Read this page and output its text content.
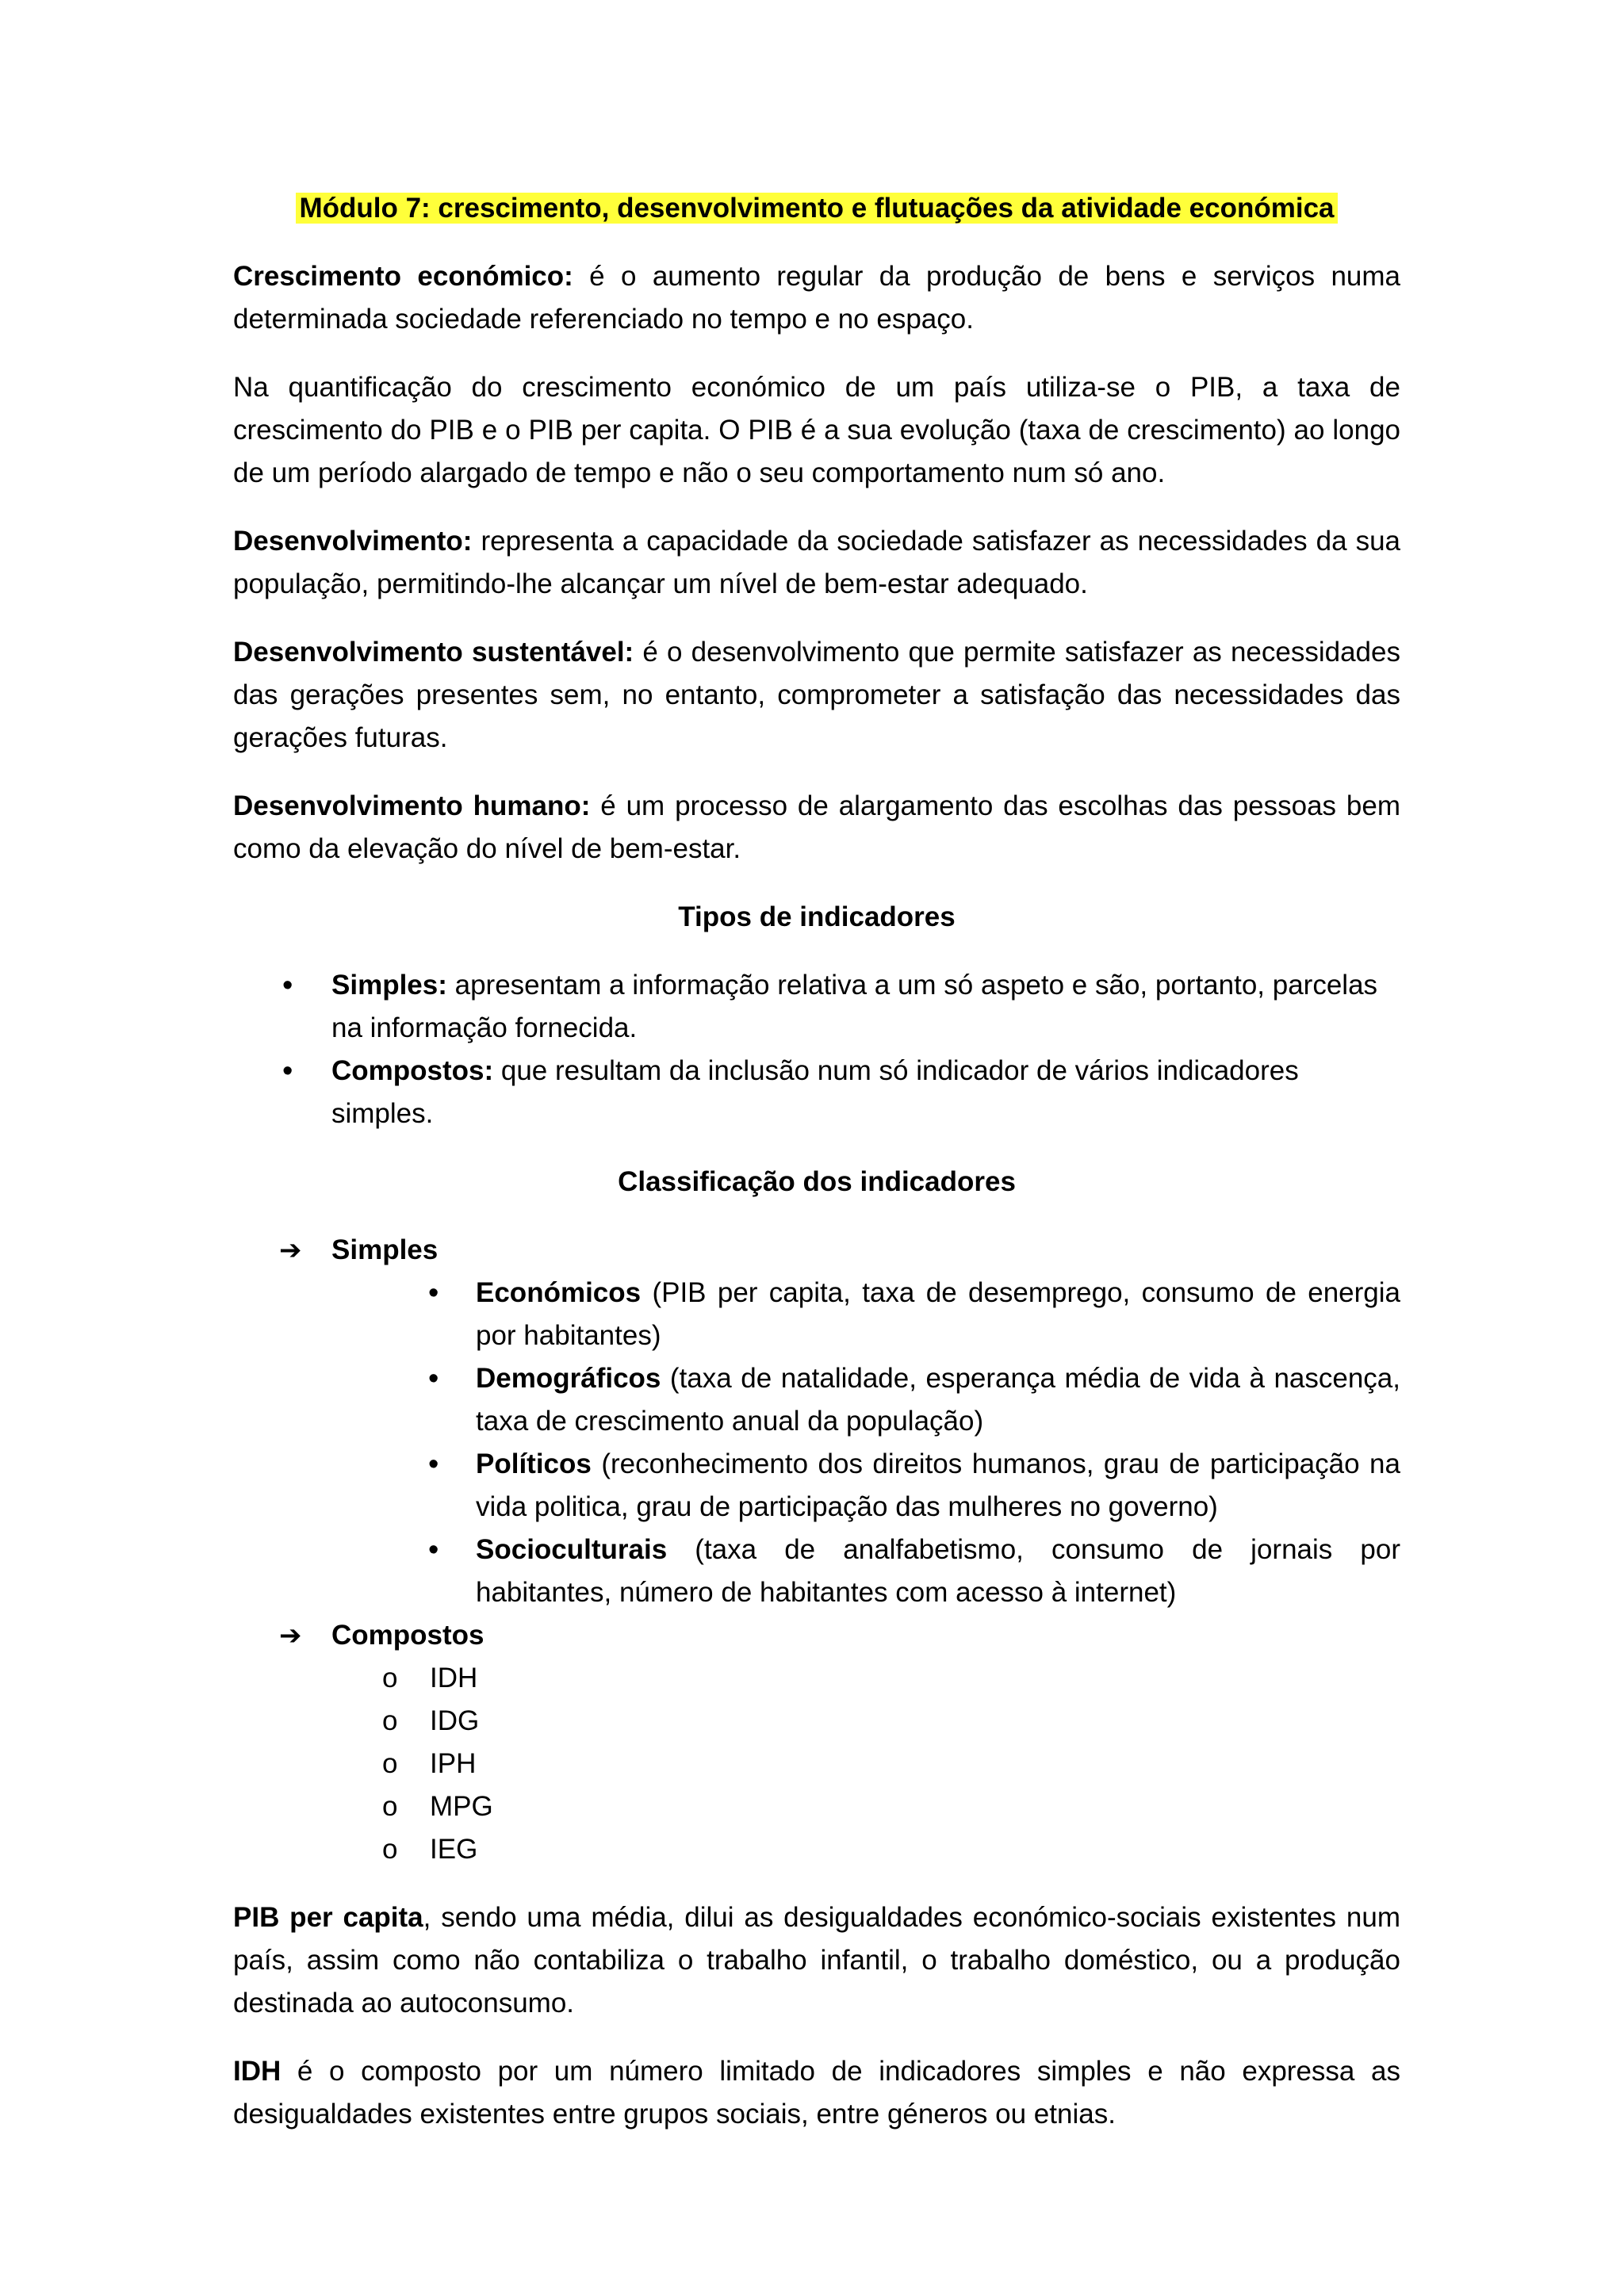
Módulo 7: crescimento, desenvolvimento e flutuações da atividade económica

Crescimento económico: é o aumento regular da produção de bens e serviços numa determinada sociedade referenciado no tempo e no espaço.

Na quantificação do crescimento económico de um país utiliza-se o PIB, a taxa de crescimento do PIB e o PIB per capita. O PIB é a sua evolução (taxa de crescimento) ao longo de um período alargado de tempo e não o seu comportamento num só ano.

Desenvolvimento: representa a capacidade da sociedade satisfazer as necessidades da sua população, permitindo-lhe alcançar um nível de bem-estar adequado.

Desenvolvimento sustentável: é o desenvolvimento que permite satisfazer as necessidades das gerações presentes sem, no entanto, comprometer a satisfação das necessidades das gerações futuras.

Desenvolvimento humano: é um processo de alargamento das escolhas das pessoas bem como da elevação do nível de bem-estar.

Tipos de indicadores
• Simples: apresentam a informação relativa a um só aspeto e são, portanto, parcelas na informação fornecida.
• Compostos: que resultam da inclusão num só indicador de vários indicadores simples.
Classificação dos indicadores
➔ Simples
• Económicos (PIB per capita, taxa de desemprego, consumo de energia por habitantes)
• Demográficos (taxa de natalidade, esperança média de vida à nascença, taxa de crescimento anual da população)
• Políticos (reconhecimento dos direitos humanos, grau de participação na vida politica, grau de participação das mulheres no governo)
• Socioculturais (taxa de analfabetismo, consumo de jornais por habitantes, número de habitantes com acesso à internet)
➔ Compostos
o IDH
o IDG
o IPH
o MPG
o IEG

PIB per capita, sendo uma média, dilui as desigualdades económico-sociais existentes num país, assim como não contabiliza o trabalho infantil, o trabalho doméstico, ou a produção destinada ao autoconsumo.

IDH é o composto por um número limitado de indicadores simples e não expressa as desigualdades existentes entre grupos sociais, entre géneros ou etnias.
